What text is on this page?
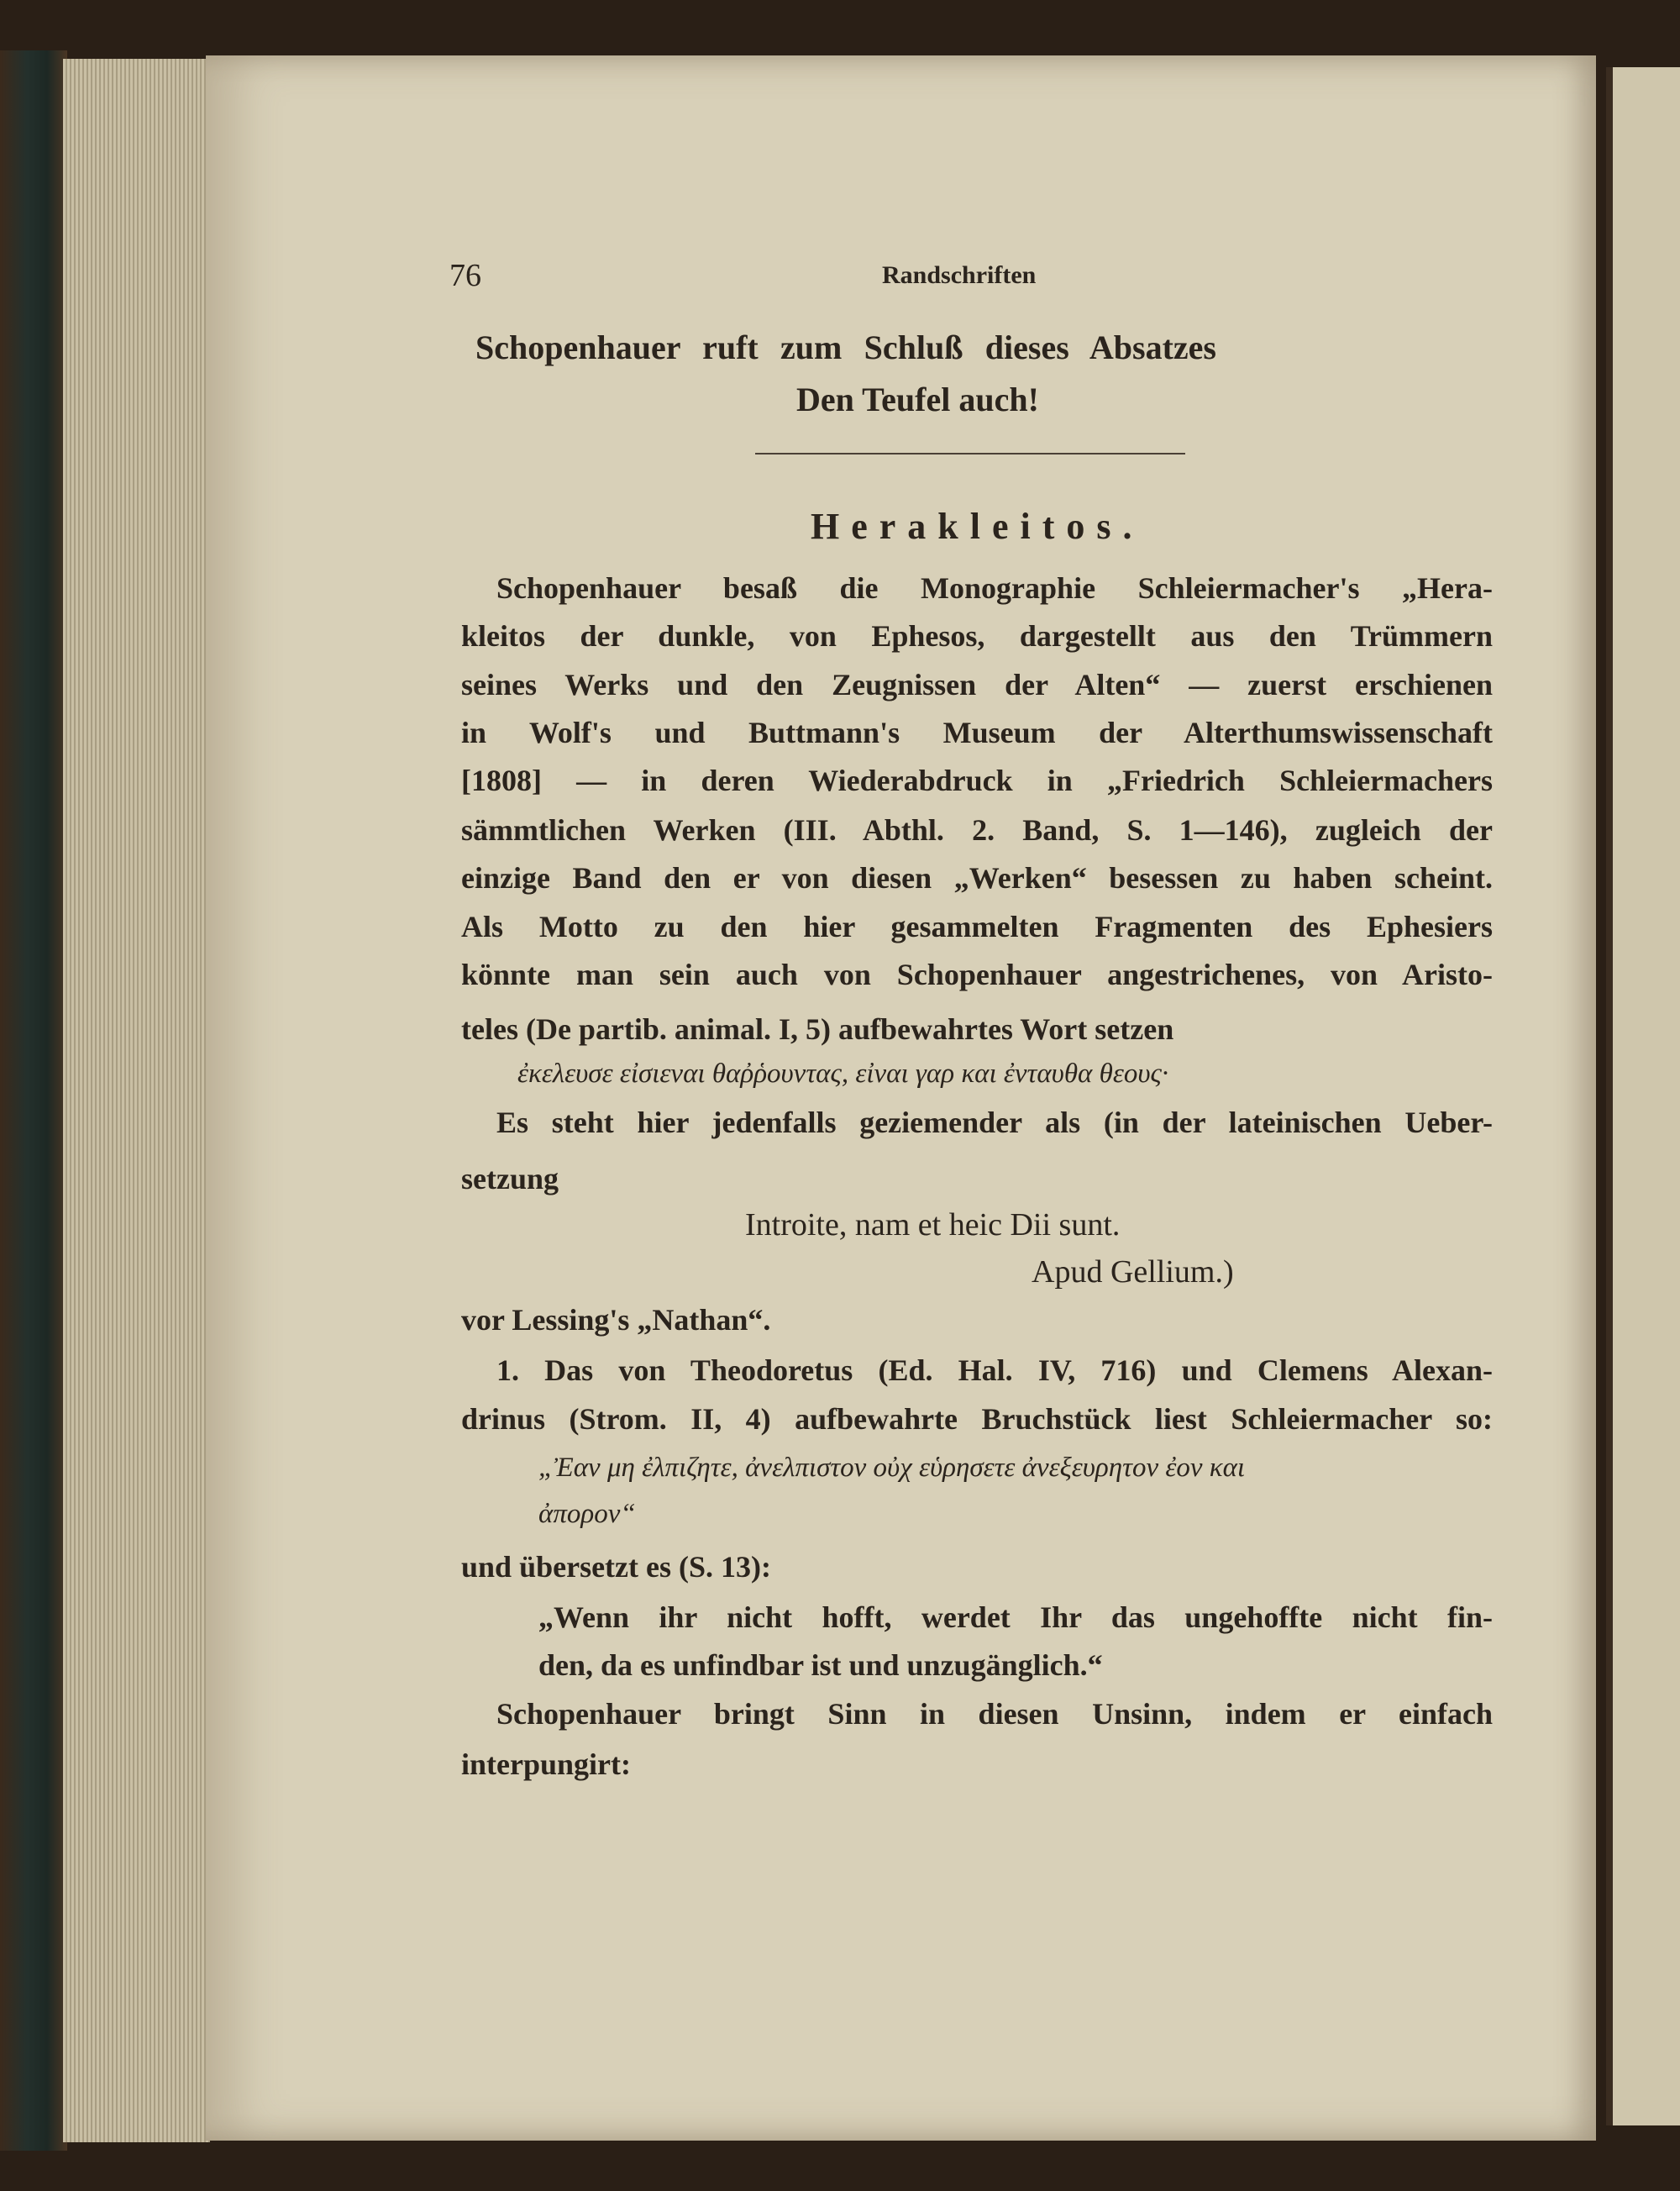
76	Randschriften
Schopenhauer ruft zum Schluß dieses Absatzes
Den Teufel auch!
Herakleitos.
Schopenhauer besaß die Monographie Schleiermacher's „Hera-
kleitos der dunkle, von Ephesos, dargestellt aus den Trümmern
seines Werks und den Zeugnissen der Alten“ — zuerst erschienen
in Wolf's und Buttmann's Museum der Alterthumswissenschaft
[1808] — in deren Wiederabdruck in „Friedrich Schleiermachers
sämmtlichen Werken (III. Abthl. 2. Band, S. 1—146), zugleich der
einzige Band den er von diesen „Werken“ besessen zu haben scheint.
Als Motto zu den hier gesammelten Fragmenten des Ephesiers
könnte man sein auch von Schopenhauer angestrichenes, von Aristo-
teles (De partib. animal. I, 5) aufbewahrtes Wort setzen
ἐκελευσε εἰσιεναι θαῤῥουντας, εἰναι γαρ και ἐνταυθα θεους·
Es steht hier jedenfalls geziemender als (in der lateinischen Ueber-
setzung
Introite, nam et heic Dii sunt.
Apud Gellium.)
vor Lessing's „Nathan“.
1. Das von Theodoretus (Ed. Hal. IV, 716) und Clemens Alexan-
drinus (Strom. II, 4) aufbewahrte Bruchstück liest Schleiermacher so:
„Ἐαν μη ἐλπιζητε, ἀνελπιστον οὐχ εὑρησετε ἀνεξευρητον ἐον και
ἀπορον“
und übersetzt es (S. 13):
„Wenn ihr nicht hofft, werdet Ihr das ungehoffte nicht fin-
den, da es unfindbar ist und unzugänglich.“
Schopenhauer bringt Sinn in diesen Unsinn, indem er einfach
interpungirt:
